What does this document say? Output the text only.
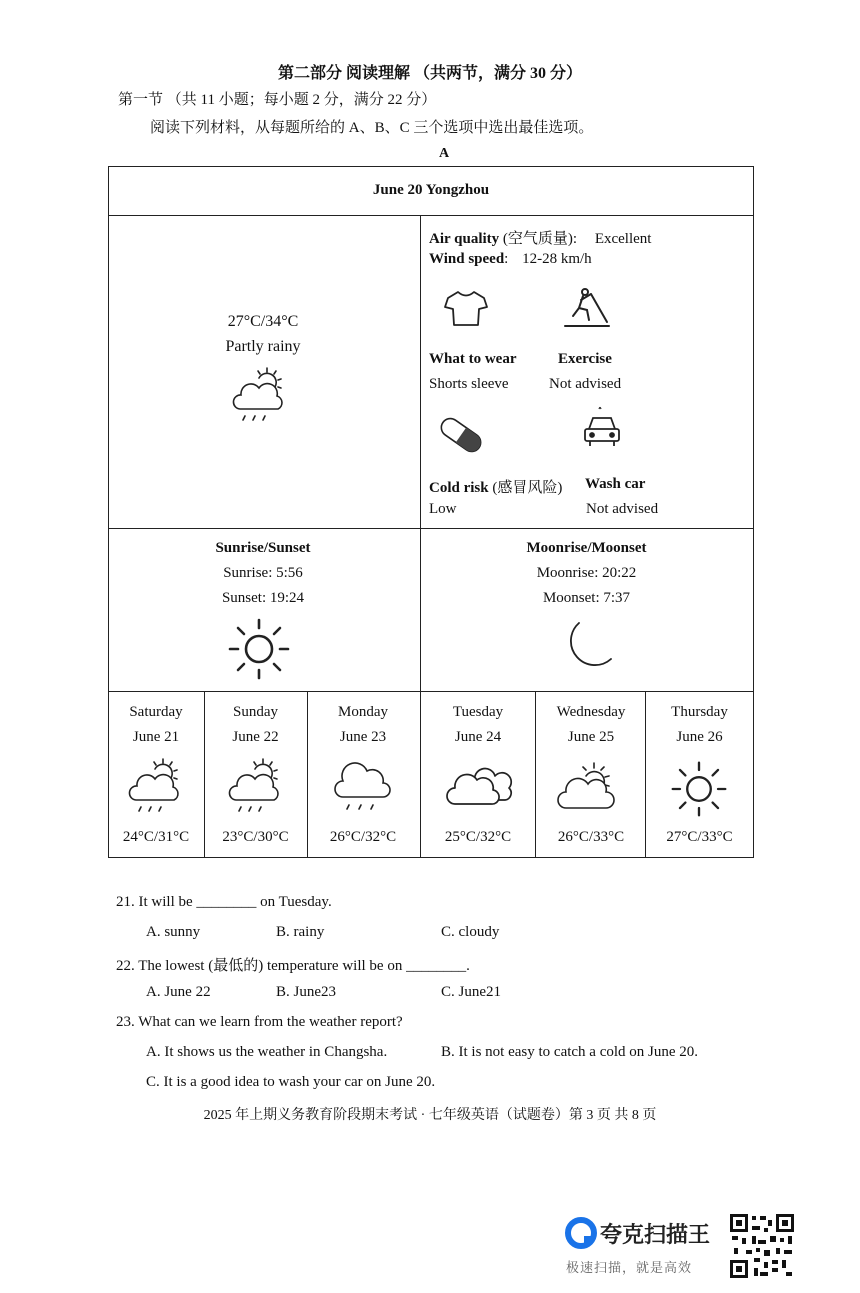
第二部分 阅读理解 （共两节，满分 30 分）
第一节 （共 11 小题；每小题 2 分，满分 22 分）
阅读下列材料，从每题所给的 A、B、C 三个选项中选出最佳选项。
A
June 20 Yongzhou
27°C/34°C
Partly rainy
Air quality (空气质量): Excellent
Wind speed: 12-28 km/h
What to wear	Exercise
Shorts sleeve	Not advised
Cold risk (感冒风险) Wash car
Low	Not advised
Sunrise/Sunset
Sunrise: 5:56
Sunset: 19:24
Moonrise/Moonset
Moonrise: 20:22
Moonset: 7:37
Saturday
June 21
24°C/31°C
Sunday
June 22
23°C/30°C
Monday
June 23
26°C/32°C
Tuesday
June 24
25°C/32°C
Wednesday
June 25
26°C/33°C
Thursday
June 26
27°C/33°C
21. It will be ________ on Tuesday.
A. sunny	B. rainy	C. cloudy
22. The lowest (最低的) temperature will be on ________.
A. June 22	B. June23	C. June21
23. What can we learn from the weather report?
A. It shows us the weather in Changsha.	B. It is not easy to catch a cold on June 20.
C. It is a good idea to wash your car on June 20.
2025 年上期义务教育阶段期末考试 · 七年级英语（试题卷）第 3 页 共 8 页
夸克扫描王
极速扫描，就是高效
